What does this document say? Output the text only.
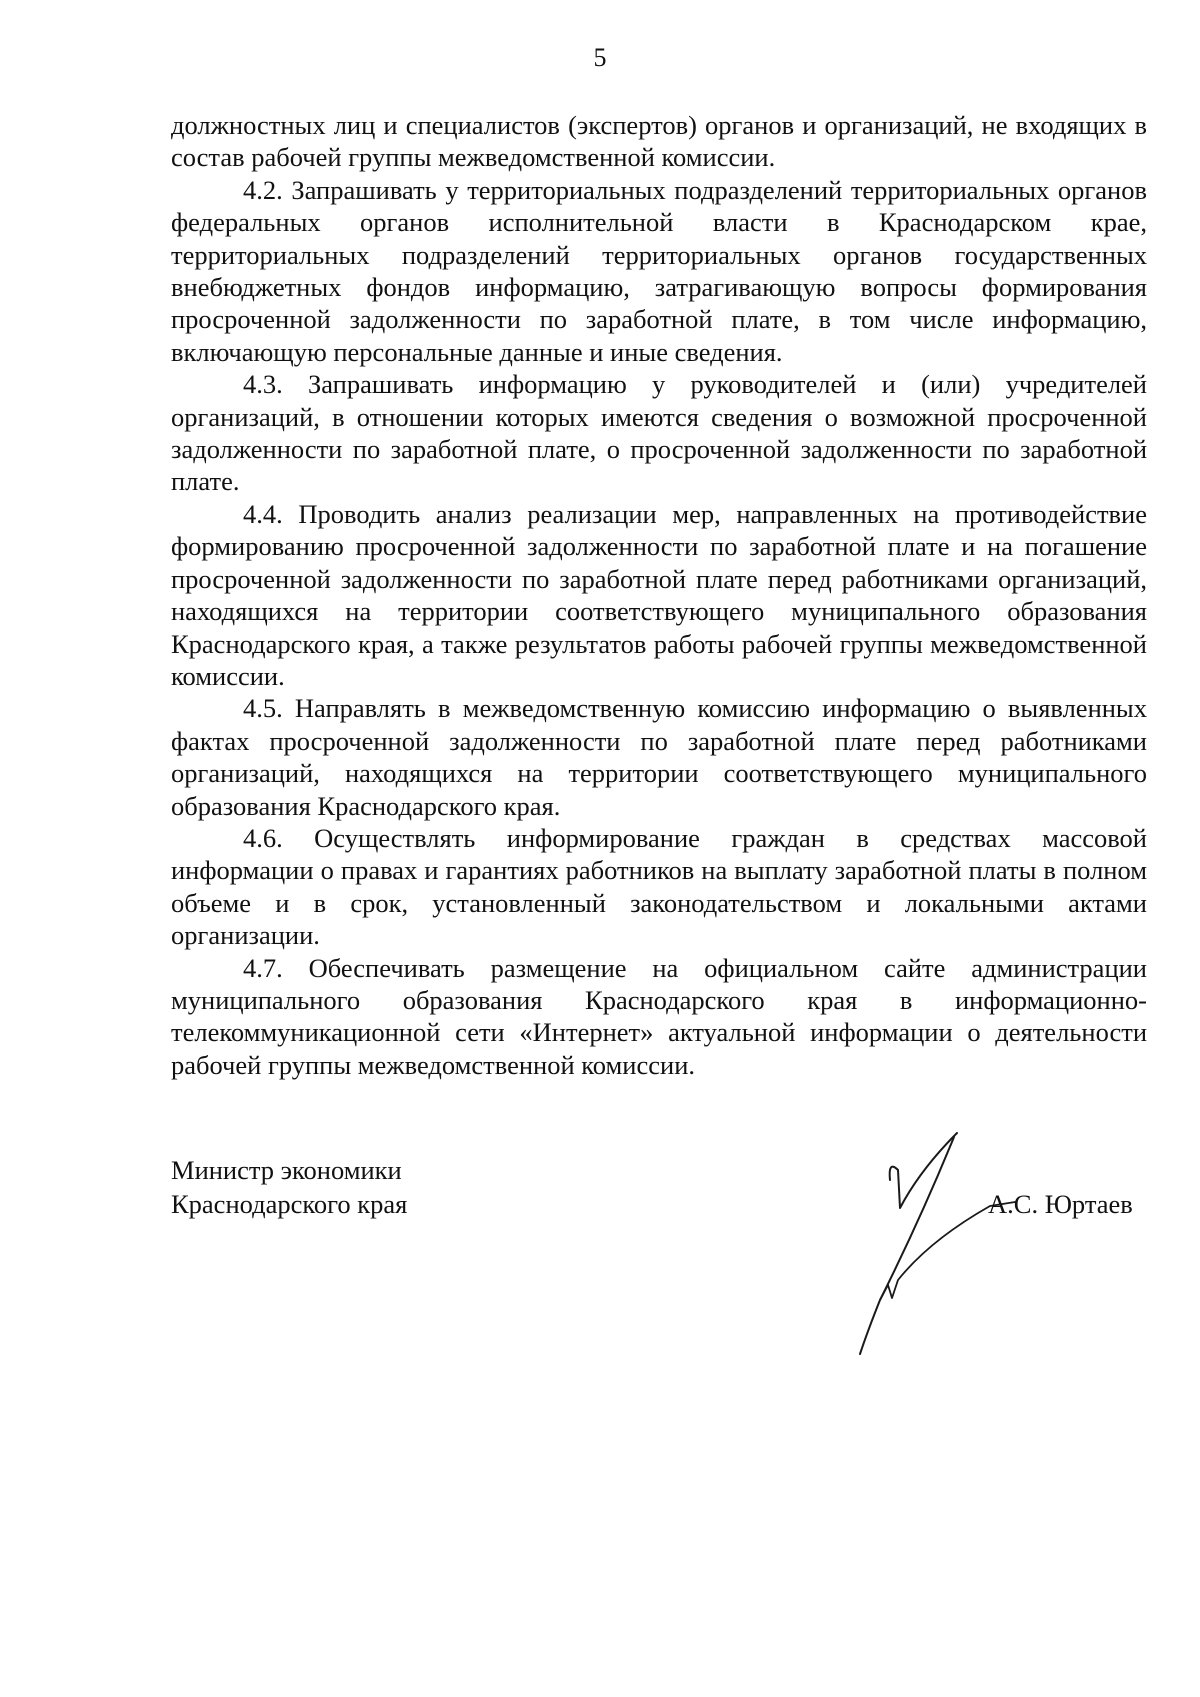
5

должностных лиц и специалистов (экспертов) органов и организаций, не входящих в состав рабочей группы межведомственной комиссии.

4.2. Запрашивать у территориальных подразделений территориальных органов федеральных органов исполнительной власти в Краснодарском крае, территориальных подразделений территориальных органов государственных внебюджетных фондов информацию, затрагивающую вопросы формирования просроченной задолженности по заработной плате, в том числе информацию, включающую персональные данные и иные сведения.

4.3. Запрашивать информацию у руководителей и (или) учредителей организаций, в отношении которых имеются сведения о возможной просроченной задолженности по заработной плате, о просроченной задолженности по заработной плате.

4.4. Проводить анализ реализации мер, направленных на противодействие формированию просроченной задолженности по заработной плате и на погашение просроченной задолженности по заработной плате перед работниками организаций, находящихся на территории соответствующего муниципального образования Краснодарского края, а также результатов работы рабочей группы межведомственной комиссии.

4.5. Направлять в межведомственную комиссию информацию о выявленных фактах просроченной задолженности по заработной плате перед работниками организаций, находящихся на территории соответствующего муниципального образования Краснодарского края.

4.6. Осуществлять информирование граждан в средствах массовой информации о правах и гарантиях работников на выплату заработной платы в полном объеме и в срок, установленный законодательством и локальными актами организации.

4.7. Обеспечивать размещение на официальном сайте администрации муниципального образования Краснодарского края в информационно-телекоммуникационной сети «Интернет» актуальной информации о деятельности рабочей группы межведомственной комиссии.

Министр экономики
Краснодарского края	А.С. Юртаев
